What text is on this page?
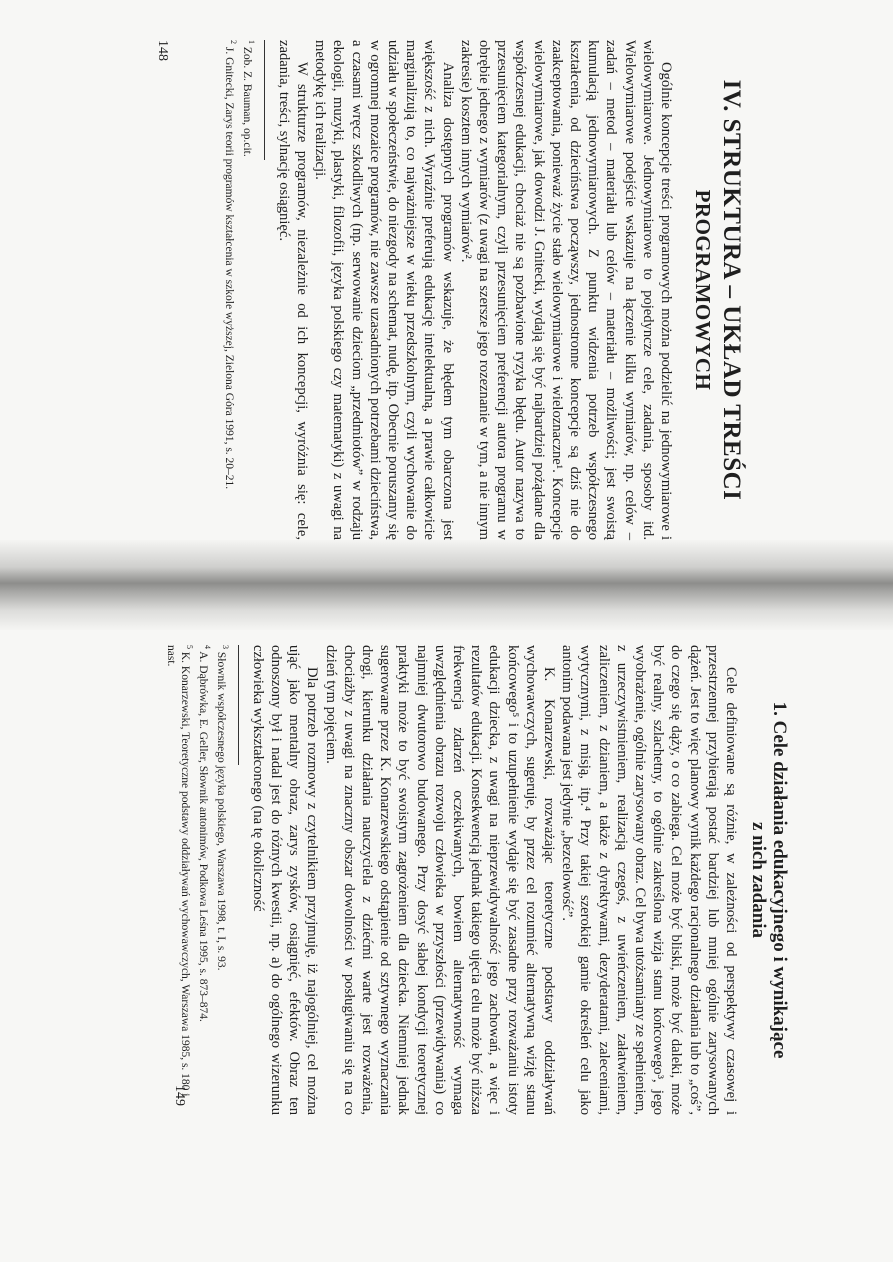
IV. STRUKTURA – UKŁAD TREŚCI
PROGRAMOWYCH

Ogólnie koncepcje treści programowych można podzielić na jednowymiarowe i wielowymiarowe. Jednowymiarowe to pojedyncze cele, zadania, sposoby itd. Wielowymiarowe podejście wskazuje na łączenie kilku wymiarów, np. celów – zadań – metod – materiału lub celów – materiału – możliwości; jest swoistą kumulacją jednowymiarowych. Z punktu widzenia potrzeb współczesnego kształcenia, od dzieciństwa począwszy, jednostronne koncepcje są dziś nie do zaakceptowania, ponieważ życie stało wielowymiarowe i wieloznaczne¹. Koncepcje wielowymiarowe, jak dowodzi J. Gnitecki, wydają się być najbardziej pożądane dla współczesnej edukacji, chociaż nie są pozbawione ryzyka błędu. Autor nazywa to przesunięciem kategorialnym, czyli przesunięciem preferencji autora programu w obrębie jednego z wymiarów (z uwagi na szersze jego rozeznanie w tym, a nie innym zakresie) kosztem innych wymiarów².

Analiza dostępnych programów wskazuje, że błędem tym obarczona jest większość z nich. Wyraźnie preferują edukację intelektualną, a prawie całkowicie marginalizują to, co najważniejsze w wieku przedszkolnym, czyli wychowanie do udziału w społeczeństwie, do niezgody na schemat, nudę, itp. Obecnie poruszamy się w ogromnej mozaice programów, nie zawsze uzasadnionych potrzebami dzieciństwa, a czasami wręcz szkodliwych (np. serwowanie dzieciom „przedmiotów” w rodzaju ekologii, muzyki, plastyki, filozofii, języka polskiego czy matematyki) z uwagi na metodykę ich realizacji.

W strukturze programów, niezależnie od ich koncepcji, wyróżnia się: cele, zadania, treści, sylnację osiągnięć.

$^1$ Zob. Z. Bauman, op.cit.

$^2$ J. Gnitecki, Zarys teorii programów kształcenia w szkole wyższej, Zielona Góra 1991, s. 20–21.

148
1. Cele działania edukacyjnego i wynikające
z nich zadania

Cele definiowane są różnie, w zależności od perspektywy czasowej i przestrzennej przybierają postać bardziej lub mniej ogólnie zarysowanych dążeń. Jest to więc planowy wynik każdego racjonalnego działania lub to „coś”, do czego się dąży, o co zabiega. Cel może być bliski, może być daleki, może być realny, szlachetny, to ogólnie zakreślona wizja stanu końcowego³, jego wyobrażenie, ogólnie zarysowany obraz. Cel bywa utożsamiany ze spełnieniem, z urzeczywistnieniem, realizacją czegoś, z uwieńczeniem, załatwieniem, zaliczeniem, z dzianiem, a także z dyrektywami, dezyderatami, zaleceniami, wytycznymi, z misją, itp.⁴ Przy takiej szerokiej gamie określeń celu jako antonim podawana jest jedynie „bezcelowość”.

K. Konarzewski, rozważając teoretyczne podstawy oddziaływań wychowawczych, sugeruje, by przez cel rozumieć alternatywną wizję stanu końcowego⁵ i to uzupełnienie wydaje się być zasadne przy rozważaniu istoty edukacji dziecka, z uwagi na nieprzewidywalność jego zachowań, a więc i rezultatów edukacji. Konsekwencją jednak takiego ujęcia celu może być niższa frekwencja zdarzeń oczekiwanych, bowiem alternatywność wymaga uwzględnienia obrazu rozwoju człowieka w przyszłości (przewidywania) co najmniej dwutorowo budowanego. Przy dosyć słabej kondycji teoretycznej praktyki może to być swoistym zagrożeniem dla dziecka. Niemniej jednak sugerowane przez K. Konarzewskiego odstąpienie od sztywnego wyznaczania drogi, kierunku działania nauczyciela z dziećmi warte jest rozważenia, chociażby z uwagi na znaczny obszar dowolności w posługiwaniu się na co dzień tym pojęciem.

Dla potrzeb rozmowy z czytelnikiem przyjmuję, iż najogólniej, cel można ująć jako mentalny obraz, zarys zysków, osiągnięć, efektów. Obraz ten odnoszony był i nadal jest do różnych kwestii, np. a) do ogólnego wizerunku człowieka wykształconego (na tę okoliczność

$^3$ Słownik współczesnego języka polskiego, Warszawa 1998, t. I, s. 93.

$^4$ A. Dąbrówka, E. Geller, Słownik antonimów, Podkowa Leśna 1995, s. 873–874.

$^5$ K. Konarzewski, Teoretyczne podstawy oddziaływań wychowawczych, Warszawa 1985, s. 180 i nast.

149
